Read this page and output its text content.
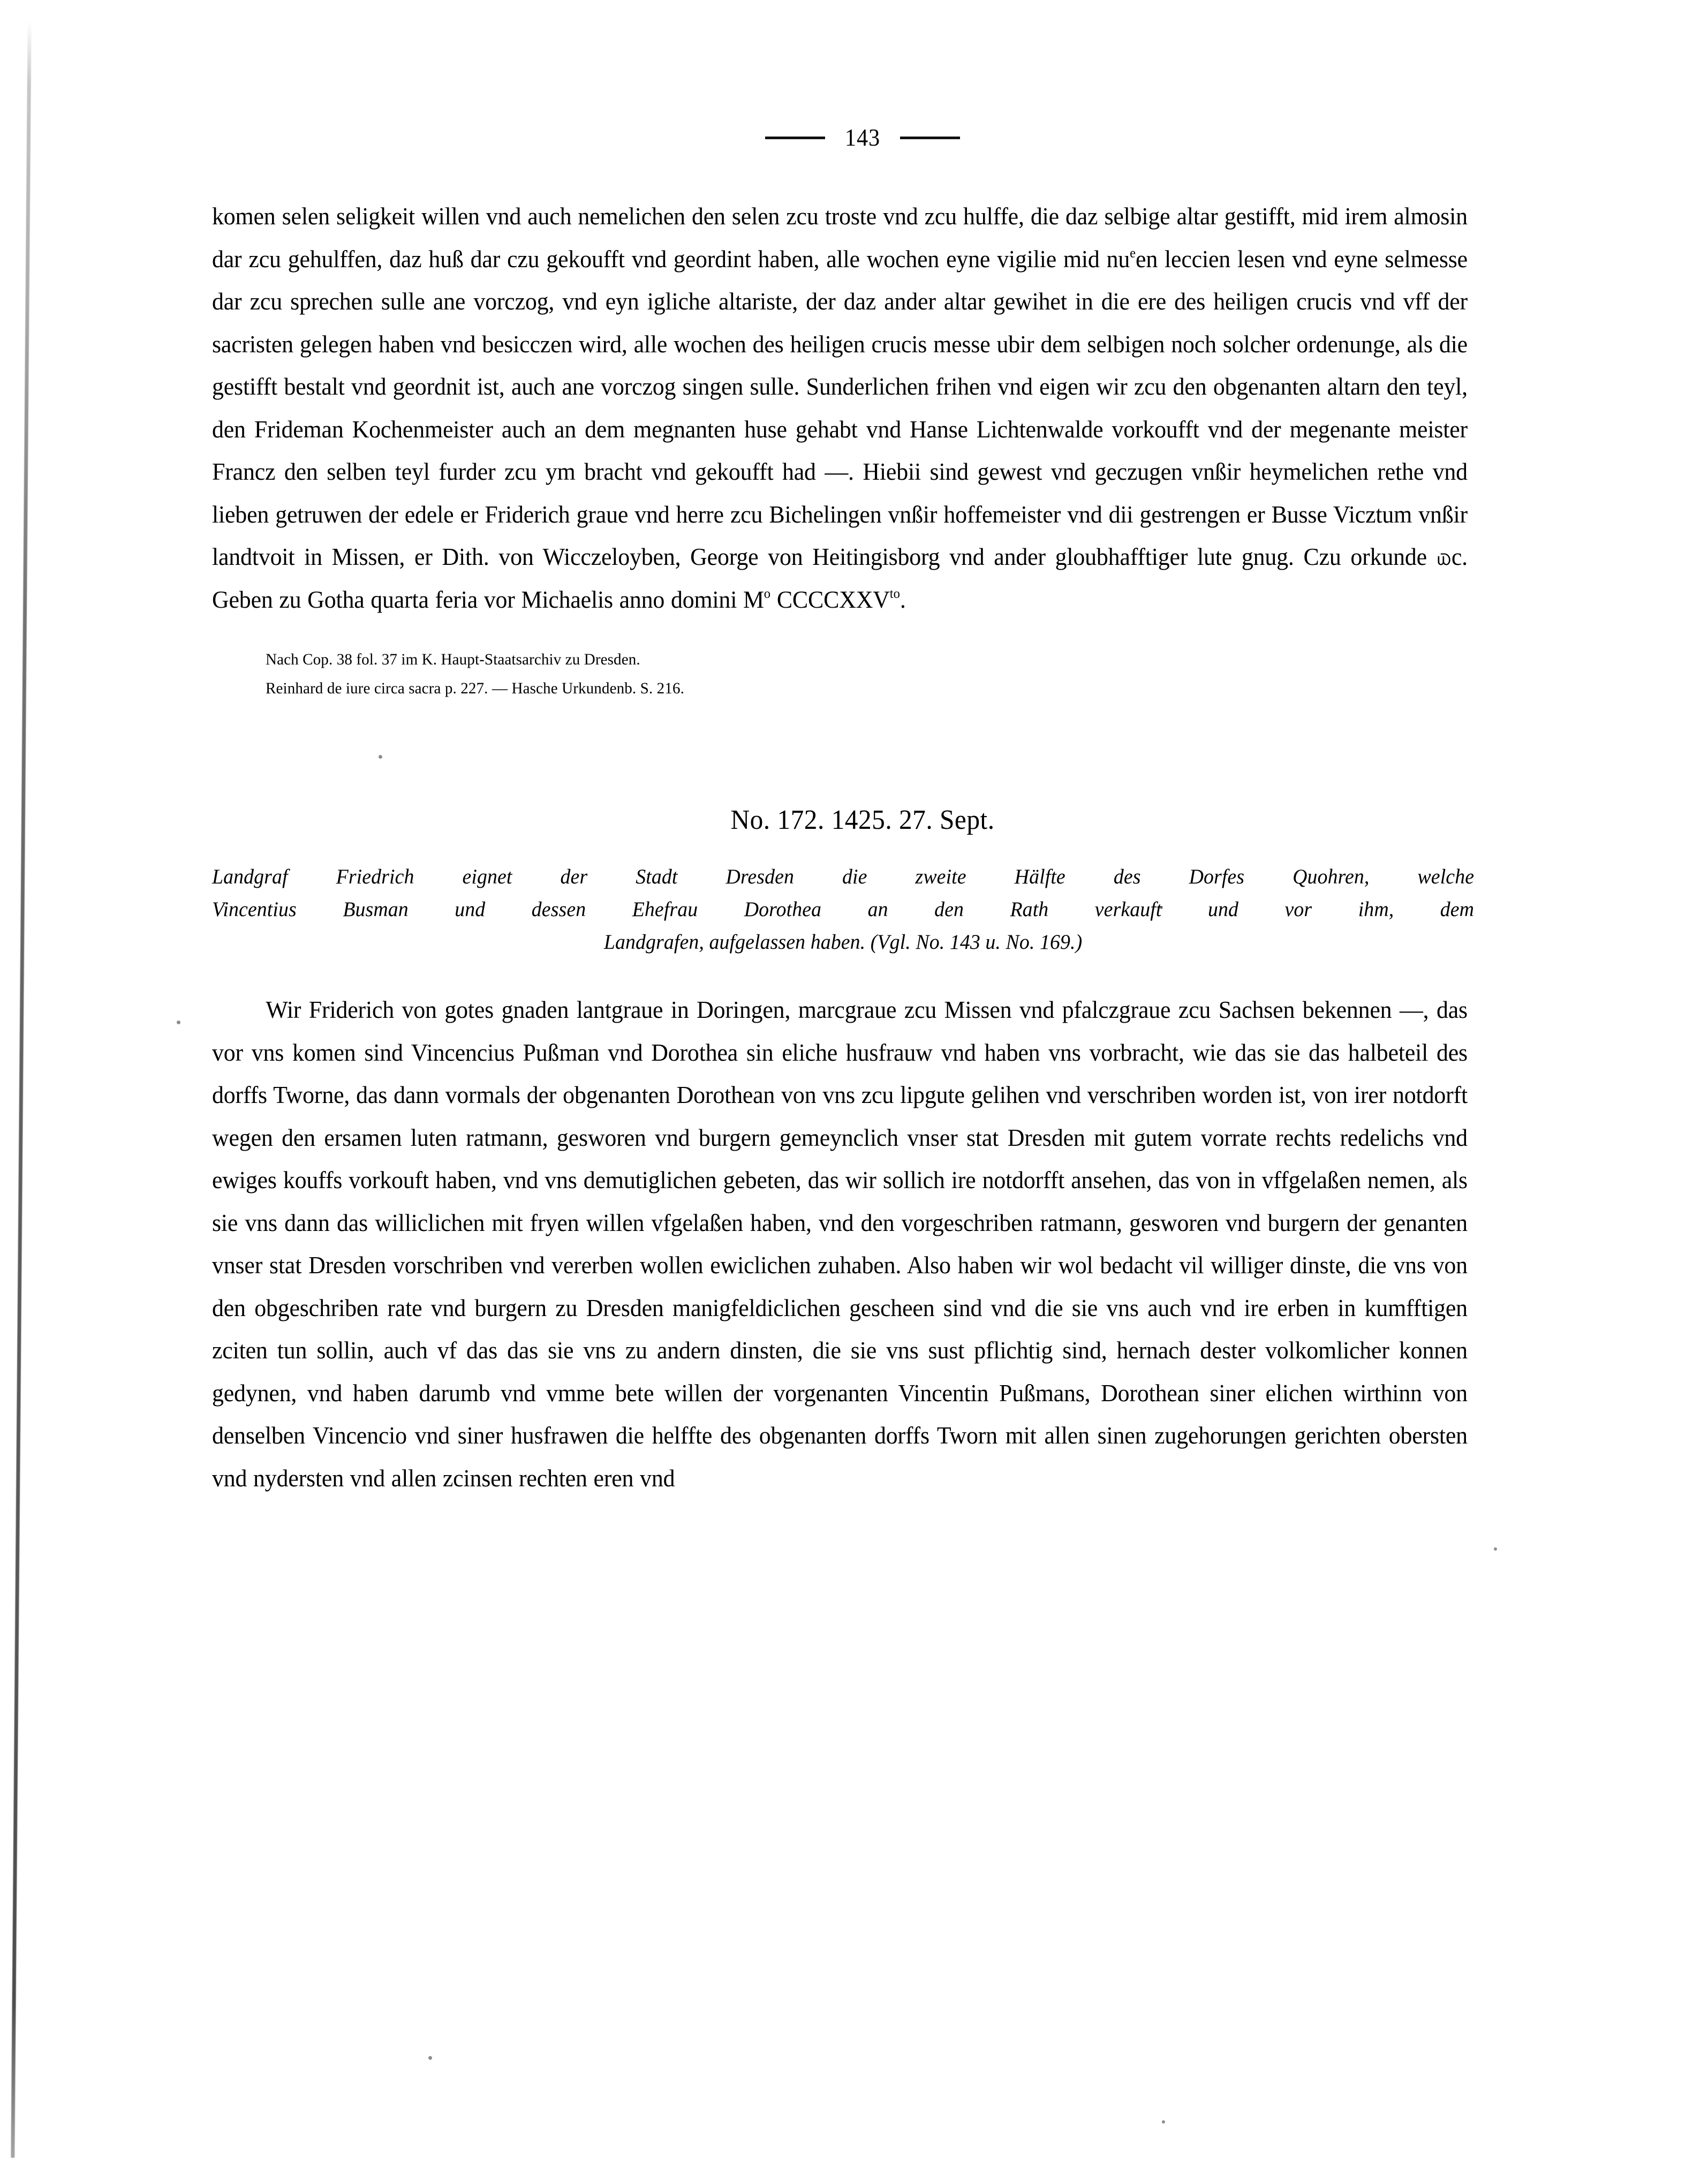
143

komen selen seligkeit willen vnd auch nemelichen den selen zcu troste vnd zcu hulffe, die daz selbige altar gestifft, mid irem almosin dar zcu gehulffen, daz huß dar czu gekoufft vnd geordint haben, alle wochen eyne vigilie mid $nu^een$ leccien lesen vnd eyne selmesse dar zcu sprechen sulle ane vorczog, vnd eyn igliche altariste, der daz ander altar gewihet in die ere des heiligen crucis vnd vff der sacristen gelegen haben vnd besicczen wird, alle wochen des heiligen crucis messe ubir dem selbigen noch solcher ordenunge, als die gestifft bestalt vnd geordnit ist, auch ane vorczog singen sulle. Sunderlichen frihen vnd eigen wir zcu den obgenanten altarn den teyl, den Frideman Kochenmeister auch an dem megnanten huse gehabt vnd Hanse Lichtenwalde vorkoufft vnd der megenante meister Francz den selben teyl furder zcu ym bracht vnd gekoufft had —. Hiebii sind gewest vnd geczugen vnßir heymelichen rethe vnd lieben getruwen der edele er Friderich graue vnd herre zcu Bichelingen vnßir hoffemeister vnd dii gestrengen er Busse Vicztum vnßir landtvoit in Missen, er Dith. von Wicczeloyben, George von Heitingisborg vnd ander gloubhafftiger lute gnug. Czu orkunde ௰c. Geben zu Gotha quarta feria vor Michaelis anno domini $M^o$ $CCCCXXV^{to}$.

Nach Cop. 38 fol. 37 im K. Haupt-Staatsarchiv zu Dresden.
Reinhard de iure circa sacra p. 227. — Hasche Urkundenb. S. 216.
No. 172. 1425. 27. Sept.
Landgraf Friedrich eignet der Stadt Dresden die zweite Hälfte des Dorfes Quohren, welche
Vincentius Busman und dessen Ehefrau Dorothea an den Rath verkauft und vor ihm, dem
Landgrafen, aufgelassen haben. (Vgl. No. 143 u. No. 169.)

Wir Friderich von gotes gnaden lantgraue in Doringen, marcgraue zcu Missen vnd pfalczgraue zcu Sachsen bekennen —, das vor vns komen sind Vincencius Pußman vnd Dorothea sin eliche husfrauw vnd haben vns vorbracht, wie das sie das halbeteil des dorffs Tworne, das dann vormals der obgenanten Dorothean von vns zcu lipgute gelihen vnd verschriben worden ist, von irer notdorft wegen den ersamen luten ratmann, gesworen vnd burgern gemeynclich vnser stat Dresden mit gutem vorrate rechts redelichs vnd ewiges kouffs vorkouft haben, vnd vns demutiglichen gebeten, das wir sollich ire notdorfft ansehen, das von in vffgelaßen nemen, als sie vns dann das williclichen mit fryen willen vfgelaßen haben, vnd den vorgeschriben ratmann, gesworen vnd burgern der genanten vnser stat Dresden vorschriben vnd vererben wollen ewiclichen zuhaben. Also haben wir wol bedacht vil williger dinste, die vns von den obgeschriben rate vnd burgern zu Dresden manigfeldiclichen gescheen sind vnd die sie vns auch vnd ire erben in kumfftigen zciten tun sollin, auch vf das das sie vns zu andern dinsten, die sie vns sust pflichtig sind, hernach dester volkomlicher konnen gedynen, vnd haben darumb vnd vmme bete willen der vorgenanten Vincentin Pußmans, Dorothean siner elichen wirthinn von denselben Vincencio vnd siner husfrawen die helffte des obgenanten dorffs Tworn mit allen sinen zugehorungen gerichten obersten vnd nydersten vnd allen zcinsen rechten eren vnd
